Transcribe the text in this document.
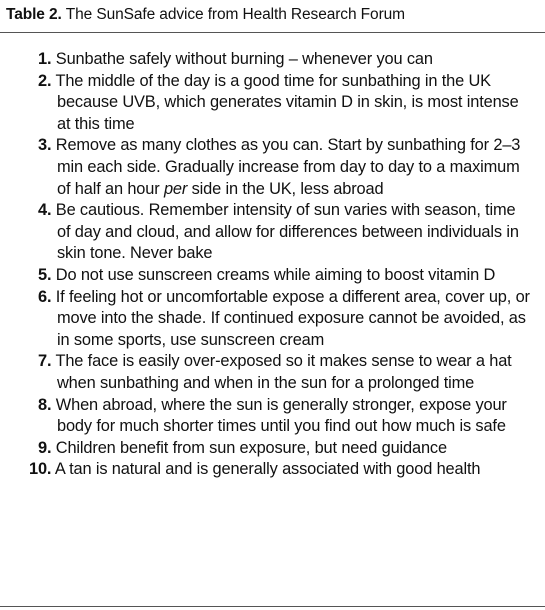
Table 2. The SunSafe advice from Health Research Forum
1. Sunbathe safely without burning – whenever you can
2. The middle of the day is a good time for sunbathing in the UK because UVB, which generates vitamin D in skin, is most intense at this time
3. Remove as many clothes as you can. Start by sunbathing for 2–3 min each side. Gradually increase from day to day to a maximum of half an hour per side in the UK, less abroad
4. Be cautious. Remember intensity of sun varies with season, time of day and cloud, and allow for differences between individuals in skin tone. Never bake
5. Do not use sunscreen creams while aiming to boost vitamin D
6. If feeling hot or uncomfortable expose a different area, cover up, or move into the shade. If continued exposure cannot be avoided, as in some sports, use sunscreen cream
7. The face is easily over-exposed so it makes sense to wear a hat when sunbathing and when in the sun for a prolonged time
8. When abroad, where the sun is generally stronger, expose your body for much shorter times until you find out how much is safe
9. Children benefit from sun exposure, but need guidance
10. A tan is natural and is generally associated with good health
